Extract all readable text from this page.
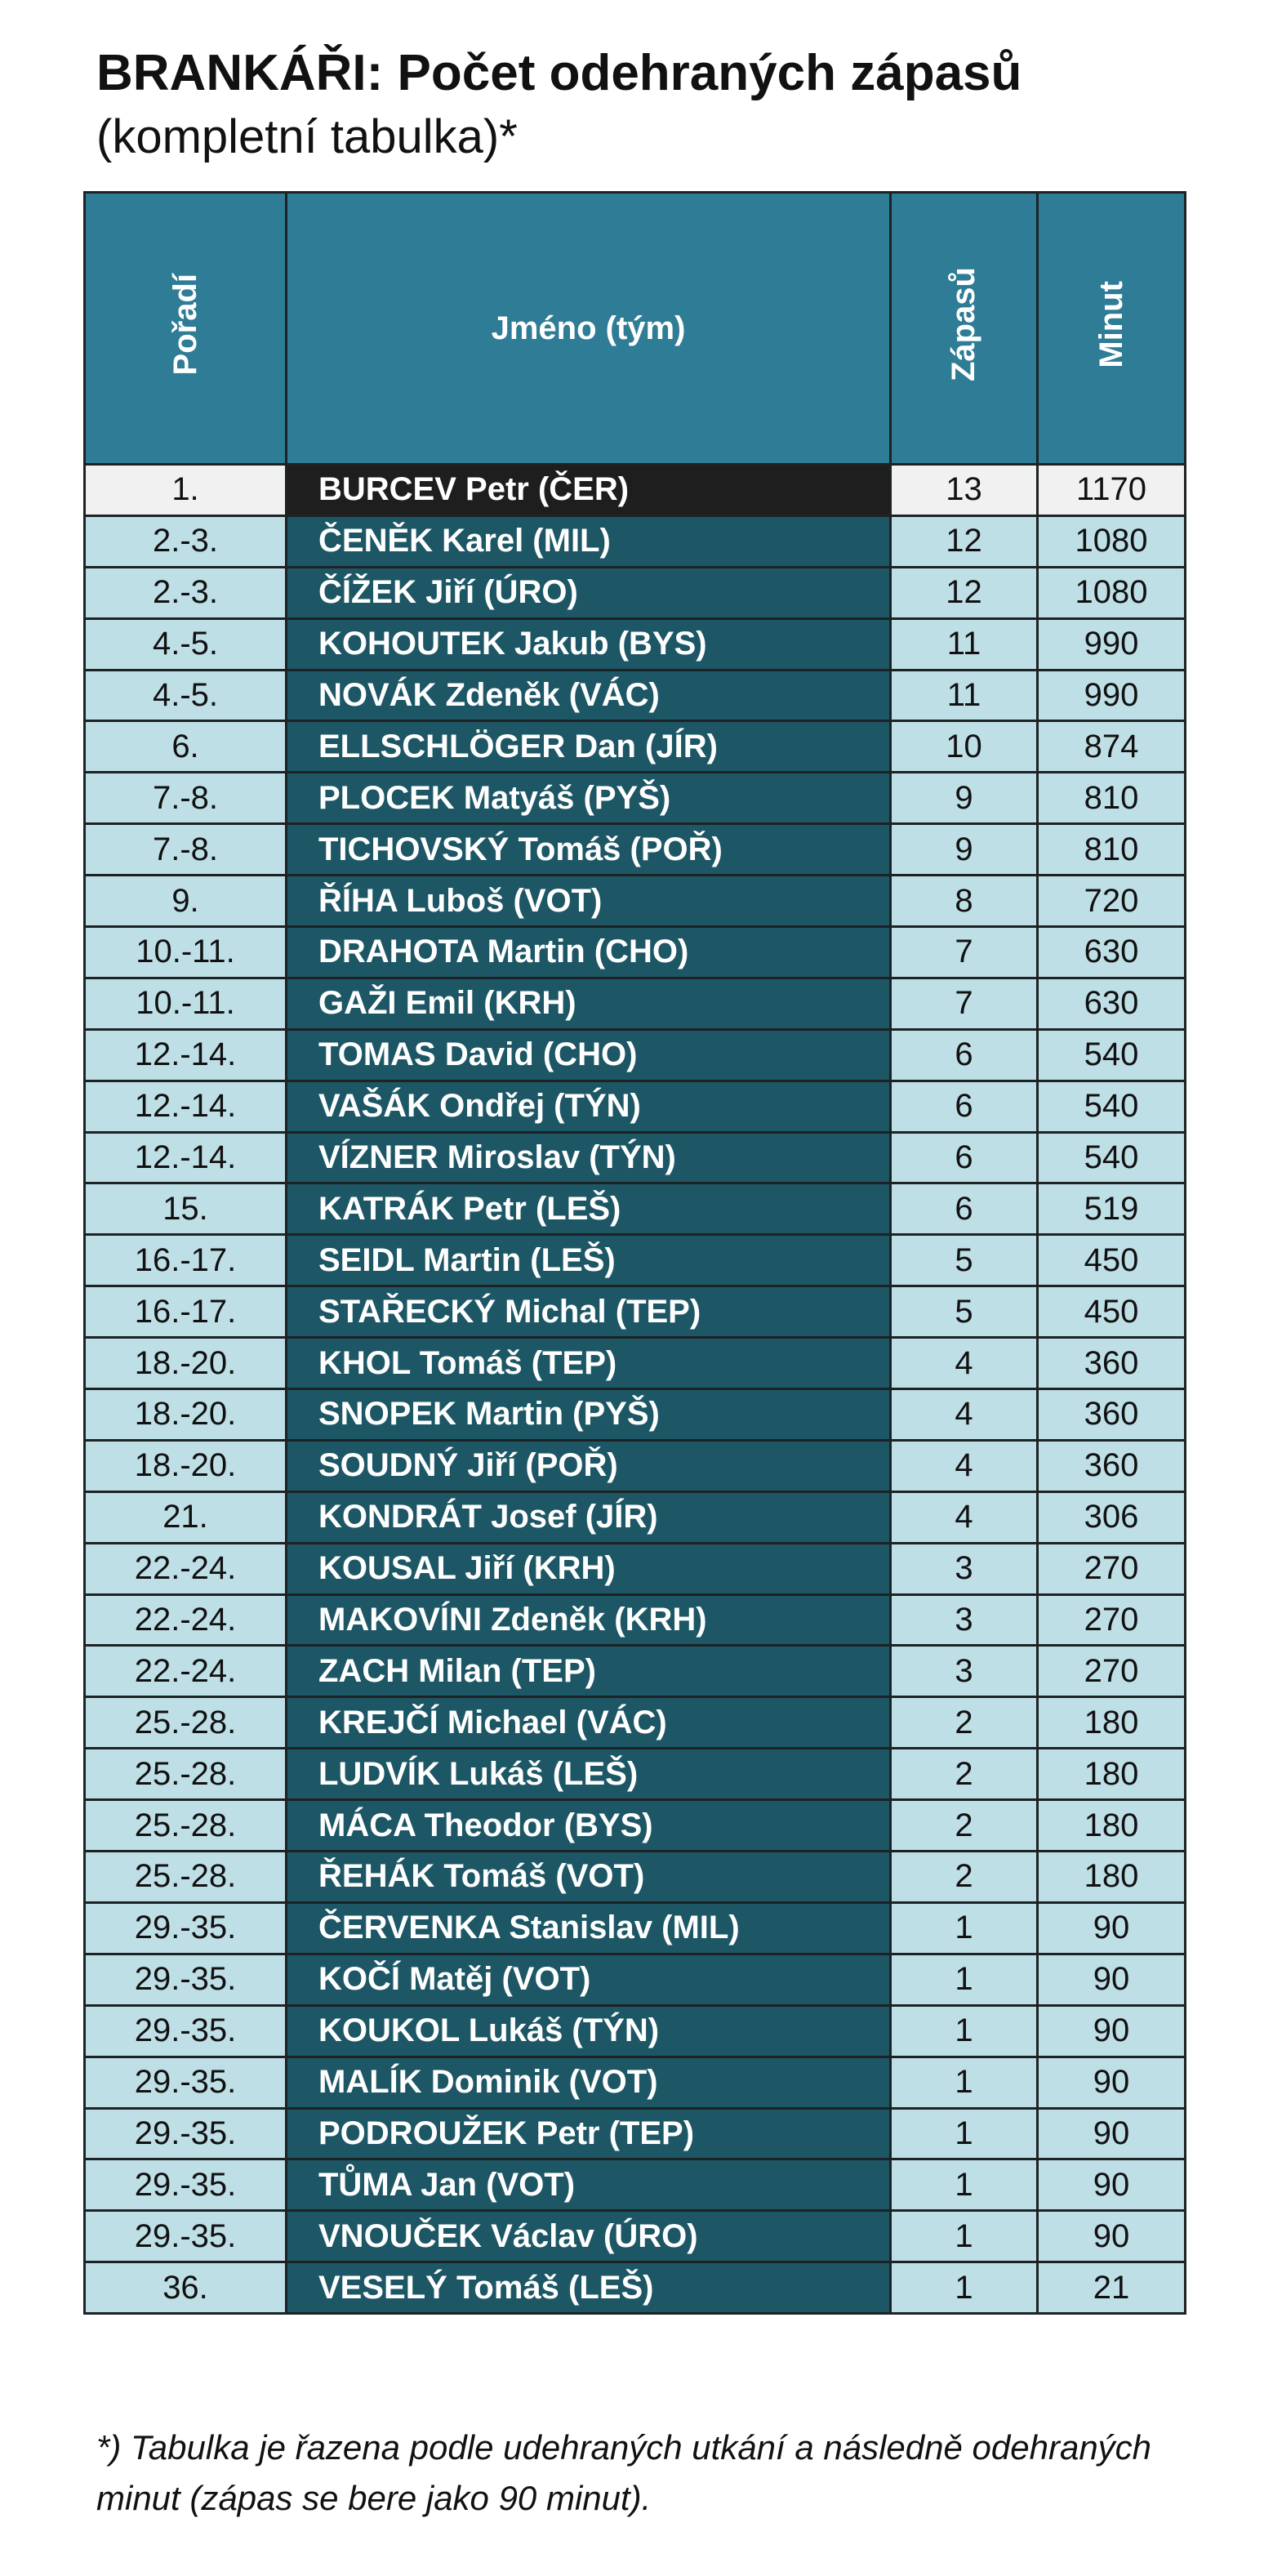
BRANKÁŘI: Počet odehraných zápasů
(kompletní tabulka)*
Pořadí	Jméno (tým)	Zápasů	Minut
1.	BURCEV Petr (ČER)	13	1170
2.-3.	ČENĚK Karel (MIL)	12	1080
2.-3.	ČÍŽEK Jiří (ÚRO)	12	1080
4.-5.	KOHOUTEK Jakub (BYS)	11	990
4.-5.	NOVÁK Zdeněk (VÁC)	11	990
6.	ELLSCHLÖGER Dan (JÍR)	10	874
7.-8.	PLOCEK Matyáš (PYŠ)	9	810
7.-8.	TICHOVSKÝ Tomáš (POŘ)	9	810
9.	ŘÍHA Luboš (VOT)	8	720
10.-11.	DRAHOTA Martin (CHO)	7	630
10.-11.	GAŽI Emil (KRH)	7	630
12.-14.	TOMAS David (CHO)	6	540
12.-14.	VAŠÁK Ondřej (TÝN)	6	540
12.-14.	VÍZNER Miroslav (TÝN)	6	540
15.	KATRÁK Petr (LEŠ)	6	519
16.-17.	SEIDL Martin (LEŠ)	5	450
16.-17.	STAŘECKÝ Michal (TEP)	5	450
18.-20.	KHOL Tomáš (TEP)	4	360
18.-20.	SNOPEK Martin (PYŠ)	4	360
18.-20.	SOUDNÝ Jiří (POŘ)	4	360
21.	KONDRÁT Josef (JÍR)	4	306
22.-24.	KOUSAL Jiří (KRH)	3	270
22.-24.	MAKOVÍNI Zdeněk (KRH)	3	270
22.-24.	ZACH Milan (TEP)	3	270
25.-28.	KREJČÍ Michael (VÁC)	2	180
25.-28.	LUDVÍK Lukáš (LEŠ)	2	180
25.-28.	MÁCA Theodor (BYS)	2	180
25.-28.	ŘEHÁK Tomáš (VOT)	2	180
29.-35.	ČERVENKA Stanislav (MIL)	1	90
29.-35.	KOČÍ Matěj (VOT)	1	90
29.-35.	KOUKOL Lukáš (TÝN)	1	90
29.-35.	MALÍK Dominik (VOT)	1	90
29.-35.	PODROUŽEK Petr (TEP)	1	90
29.-35.	TŮMA Jan (VOT)	1	90
29.-35.	VNOUČEK Václav (ÚRO)	1	90
36.	VESELÝ Tomáš (LEŠ)	1	21
*) Tabulka je řazena podle udehraných utkání a následně odehraných minut (zápas se bere jako 90 minut).
